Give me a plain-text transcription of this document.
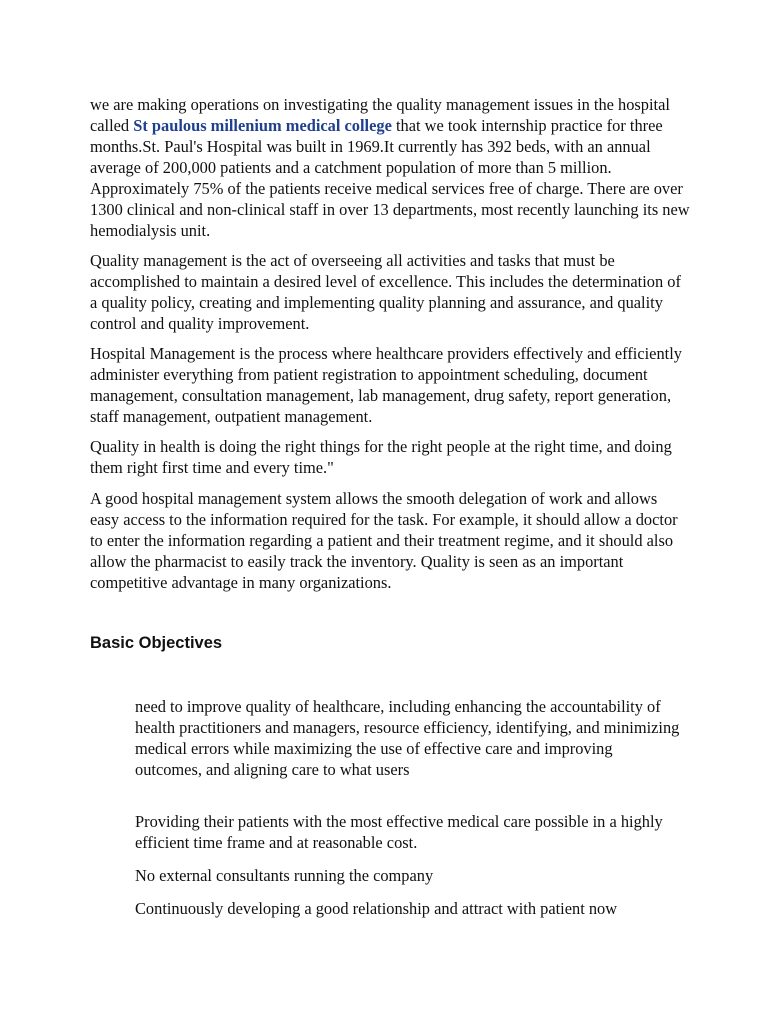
we are making operations on investigating the quality management issues in the hospital called St paulous millenium medical college that we took internship practice for three months.St. Paul's Hospital was built in 1969.It currently has 392 beds, with an annual average of 200,000 patients and a catchment population of more than 5 million. Approximately 75% of the patients receive medical services free of charge. There are over 1300 clinical and non-clinical staff in over 13 departments, most recently launching its new hemodialysis unit.

Quality management is the act of overseeing all activities and tasks that must be accomplished to maintain a desired level of excellence. This includes the determination of a quality policy, creating and implementing quality planning and assurance, and quality control and quality improvement.

Hospital Management is the process where healthcare providers effectively and efficiently administer everything from patient registration to appointment scheduling, document management, consultation management, lab management, drug safety, report generation, staff management, outpatient management.

Quality in health is doing the right things for the right people at the right time, and doing them right first time and every time."

A good hospital management system allows the smooth delegation of work and allows easy access to the information required for the task. For example, it should allow a doctor to enter the information regarding a patient and their treatment regime, and it should also allow the pharmacist to easily track the inventory. Quality is seen as an important competitive advantage in many organizations.

Basic Objectives
need to improve quality of healthcare, including enhancing the accountability of health practitioners and managers, resource efficiency, identifying, and minimizing medical errors while maximizing the use of effective care and improving outcomes, and aligning care to what users
Providing their patients with the most effective medical care possible in a highly efficient time frame and at reasonable cost.
No external consultants running the company
Continuously developing a good relationship and attract with patient now
